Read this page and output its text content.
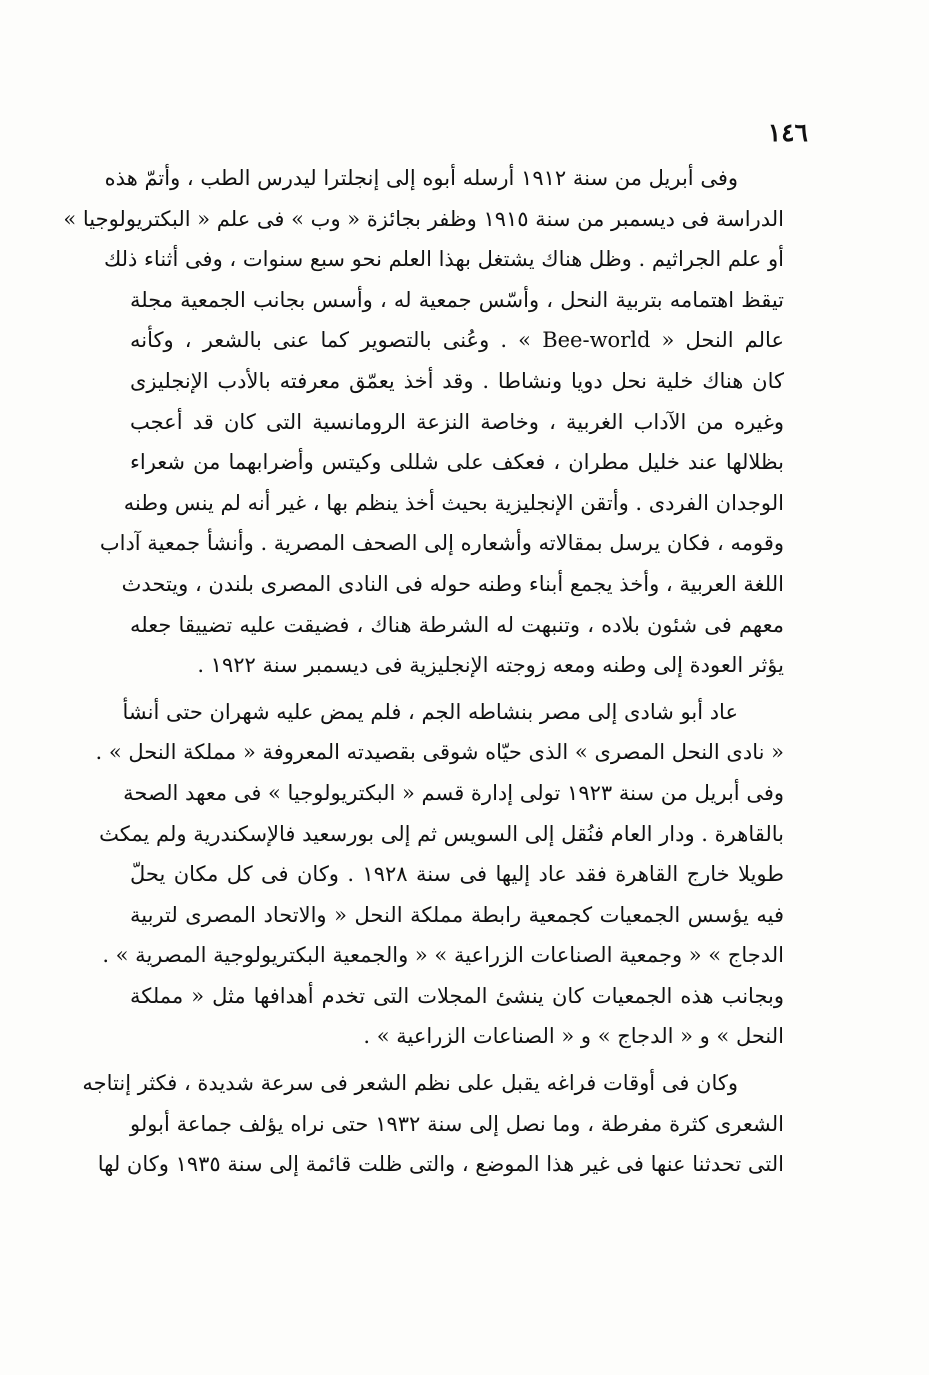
١٤٦
وفى أبريل من سنة ١٩١٢ أرسله أبوه إلى إنجلترا ليدرس الطب ، وأتمّ هذه
الدراسة فى ديسمبر من سنة ١٩١٥ وظفر بجائزة « وب » فى علم « البكتريولوجيا »
أو علم الجراثيم . وظل هناك يشتغل بهذا العلم نحو سبع سنوات ، وفى أثناء ذلك
تيقظ اهتمامه بتربية النحل ، وأسّس جمعية له ، وأسس بجانب الجمعية مجلة
عالم النحل « Bee-world » . وعُنى بالتصوير كما عنى بالشعر ، وكأنه
كان هناك خلية نحل دويا ونشاطا . وقد أخذ يعمّق معرفته بالأدب الإنجليزى
وغيره من الآداب الغربية ، وخاصة النزعة الرومانسية التى كان قد أعجب
بظلالها عند خليل مطران ، فعكف على شللى وكيتس وأضرابهما من شعراء
الوجدان الفردى . وأتقن الإنجليزية بحيث أخذ ينظم بها ، غير أنه لم ينس وطنه
وقومه ، فكان يرسل بمقالاته وأشعاره إلى الصحف المصرية . وأنشأ جمعية آداب
اللغة العربية ، وأخذ يجمع أبناء وطنه حوله فى النادى المصرى بلندن ، ويتحدث
معهم فى شئون بلاده ، وتنبهت له الشرطة هناك ، فضيقت عليه تضييقا جعله
يؤثر العودة إلى وطنه ومعه زوجته الإنجليزية فى ديسمبر سنة ١٩٢٢ .
عاد أبو شادى إلى مصر بنشاطه الجم ، فلم يمض عليه شهران حتى أنشأ
« نادى النحل المصرى » الذى حيّاه شوقى بقصيدته المعروفة « مملكة النحل » .
وفى أبريل من سنة ١٩٢٣ تولى إدارة قسم « البكتريولوجيا » فى معهد الصحة
بالقاهرة . ودار العام فنُقل إلى السويس ثم إلى بورسعيد فالإسكندرية ولم يمكث
طويلا خارج القاهرة فقد عاد إليها فى سنة ١٩٢٨ . وكان فى كل مكان يحلّ
فيه يؤسس الجمعيات كجمعية رابطة مملكة النحل « والاتحاد المصرى لتربية
الدجاج » « وجمعية الصناعات الزراعية » « والجمعية البكتريولوجية المصرية » .
وبجانب هذه الجمعيات كان ينشئ المجلات التى تخدم أهدافها مثل « مملكة
النحل » و « الدجاج » و « الصناعات الزراعية » .
وكان فى أوقات فراغه يقبل على نظم الشعر فى سرعة شديدة ، فكثر إنتاجه
الشعرى كثرة مفرطة ، وما نصل إلى سنة ١٩٣٢ حتى نراه يؤلف جماعة أبولو
التى تحدثنا عنها فى غير هذا الموضع ، والتى ظلت قائمة إلى سنة ١٩٣٥ وكان لها
